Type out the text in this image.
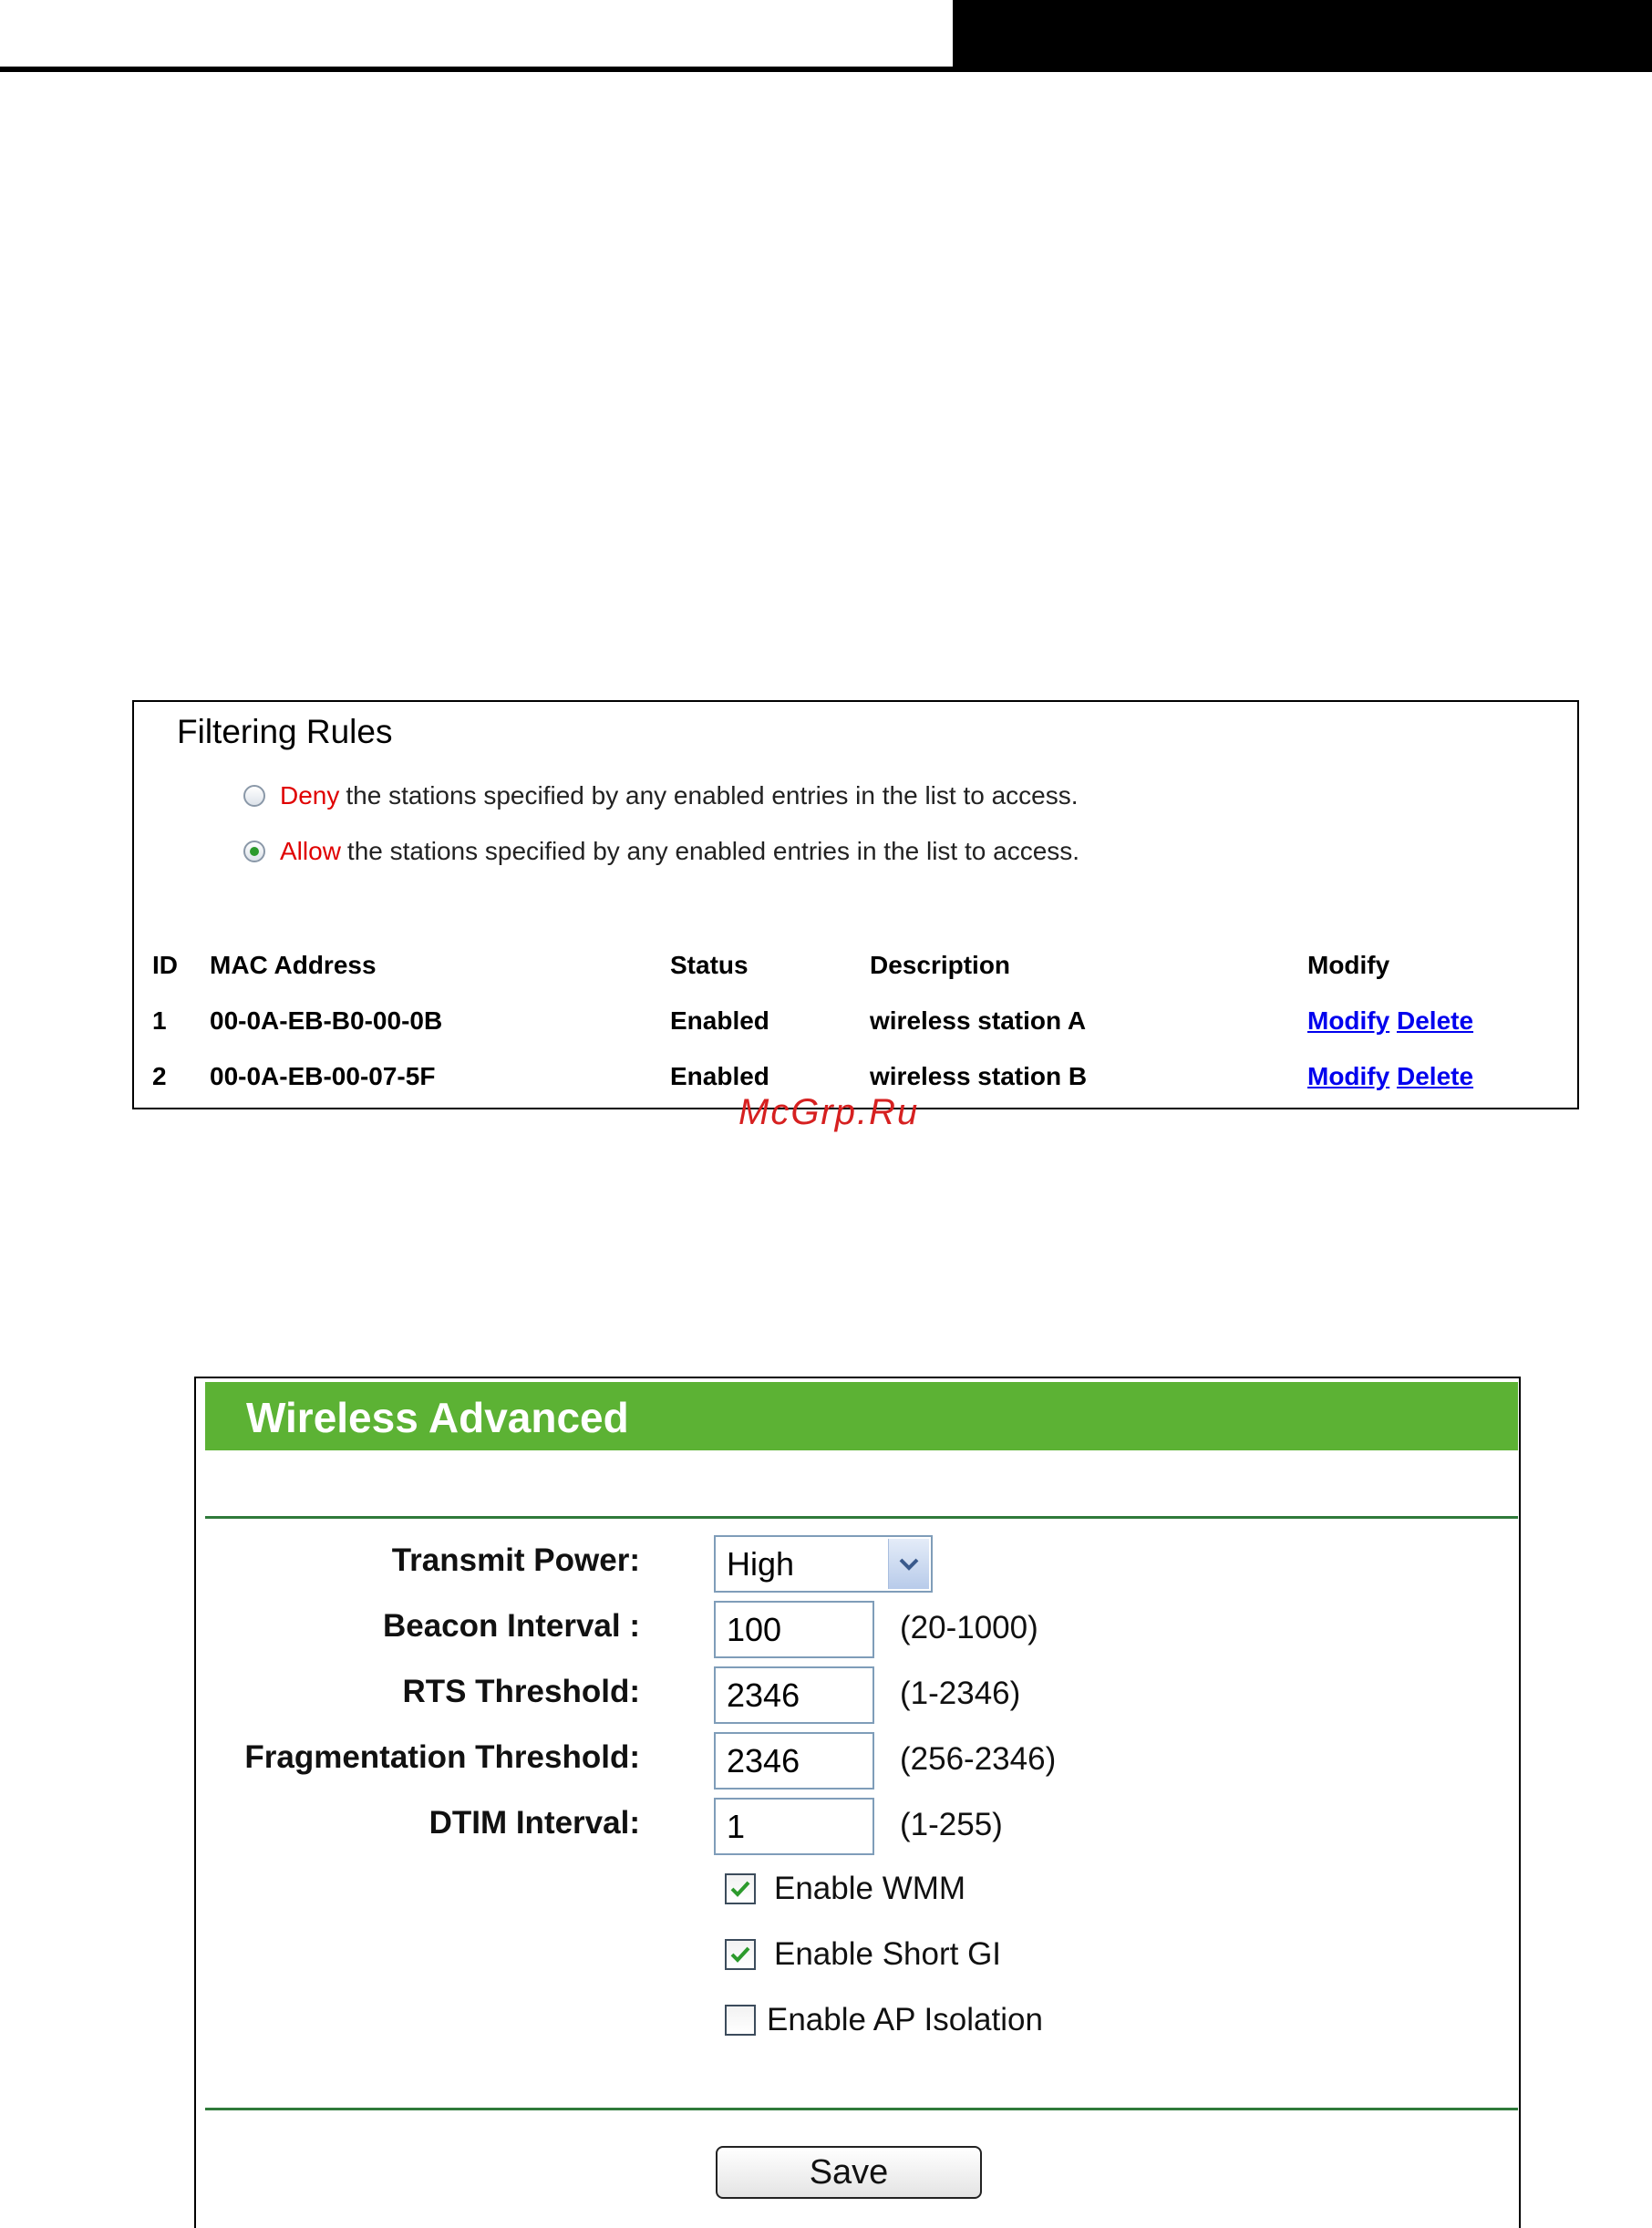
Filtering Rules
Deny the stations specified by any enabled entries in the list to access.
Allow the stations specified by any enabled entries in the list to access.
ID MAC Address	Status	Description	Modify
1 00-0A-EB-B0-00-0B	Enabled	wireless station A	Modify Delete
2 00-0A-EB-00-07-5F	Enabled	wireless station B	Modify Delete
McGrp.Ru
Wireless Advanced
Transmit Power:	High
Beacon Interval :	100	(20-1000)
RTS Threshold:	2346	(1-2346)
Fragmentation Threshold:	2346	(256-2346)
DTIM Interval:	1	(1-255)
Enable WMM
Enable Short GI
Enable AP Isolation
Save
